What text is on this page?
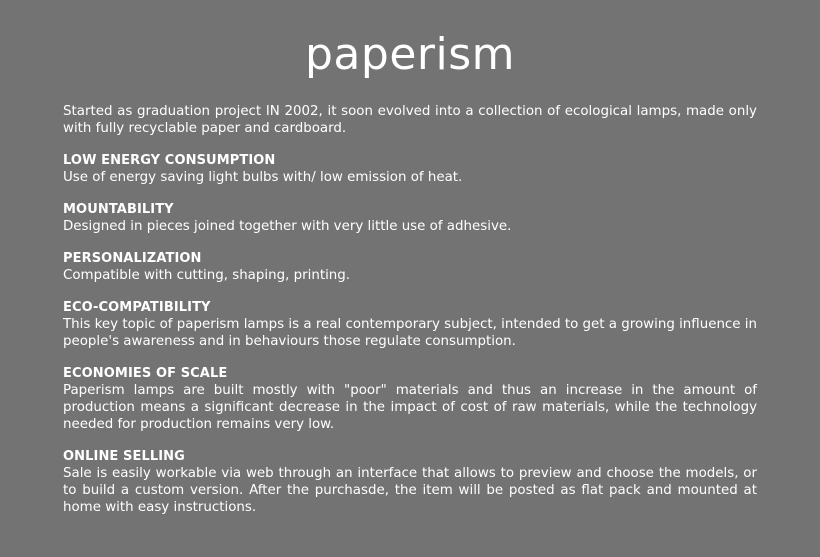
paperism

Started as graduation project IN 2002, it soon evolved into a collection of ecological lamps, made only with fully recyclable paper and cardboard.

LOW ENERGY CONSUMPTION

Use of energy saving light bulbs with/ low emission of heat.

MOUNTABILITY

Designed in pieces joined together with very little use of adhesive.

PERSONALIZATION

Compatible with cutting, shaping, printing.

ECO-COMPATIBILITY

This key topic of paperism lamps is a real contemporary subject, intended to get a growing influence in people's awareness and in behaviours those regulate consumption.

ECONOMIES OF SCALE

Paperism lamps are built mostly with "poor" materials and thus an increase in the amount of production means a significant decrease in the impact of cost of raw materials, while the technology needed for production remains very low.

ONLINE SELLING

Sale is easily workable via web through an interface that allows to preview and choose the models, or to build a custom version. After the purchasde, the item will be posted as flat pack and mounted at home with easy instructions.
